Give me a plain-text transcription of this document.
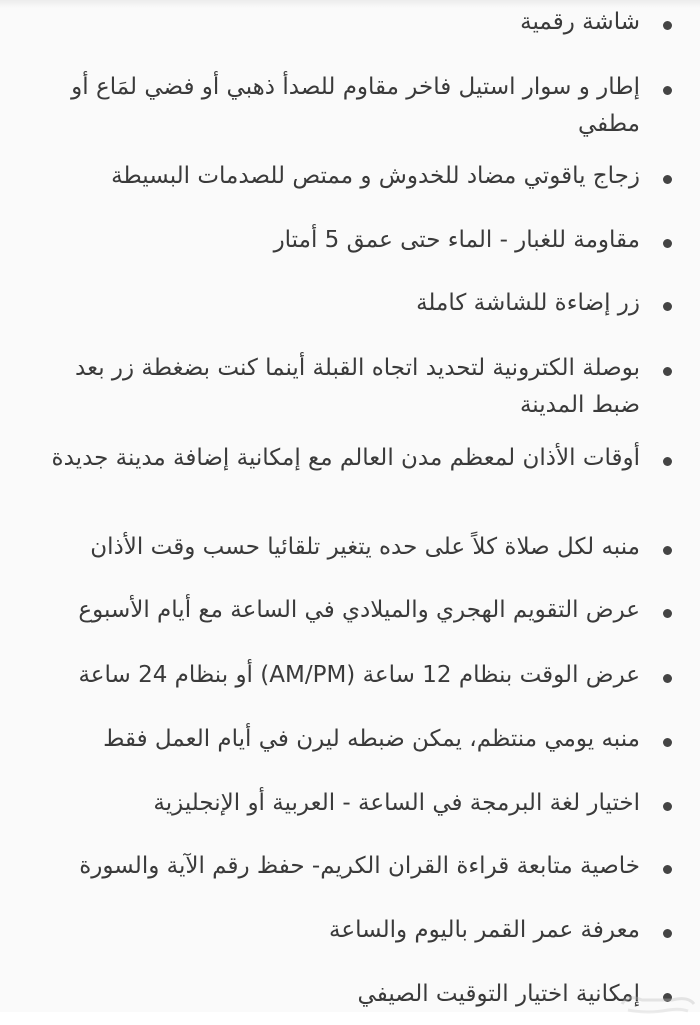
شاشة رقمية
إطار و سوار استيل فاخر مقاوم للصدأ ذهبي أو فضي لمَاع أو مطفي
زجاج ياقوتي مضاد للخدوش و ممتص للصدمات البسيطة
مقاومة للغبار - الماء حتى عمق 5 أمتار
زر إضاءة للشاشة كاملة
بوصلة الكترونية لتحديد اتجاه القبلة أينما كنت بضغطة زر بعد ضبط المدينة
أوقات الأذان لمعظم مدن العالم مع إمكانية إضافة مدينة جديدة
منبه لكل صلاة كلاً على حده يتغير تلقائيا حسب وقت الأذان
عرض التقويم الهجري والميلادي في الساعة مع أيام الأسبوع
عرض الوقت بنظام 12 ساعة (AM/PM) أو بنظام 24 ساعة
منبه يومي منتظم، يمكن ضبطه ليرن في أيام العمل فقط
اختيار لغة البرمجة في الساعة - العربية أو الإنجليزية
خاصية متابعة قراءة القران الكريم- حفظ رقم الآية والسورة
معرفة عمر القمر باليوم والساعة
إمكانية اختيار التوقيت الصيفي
